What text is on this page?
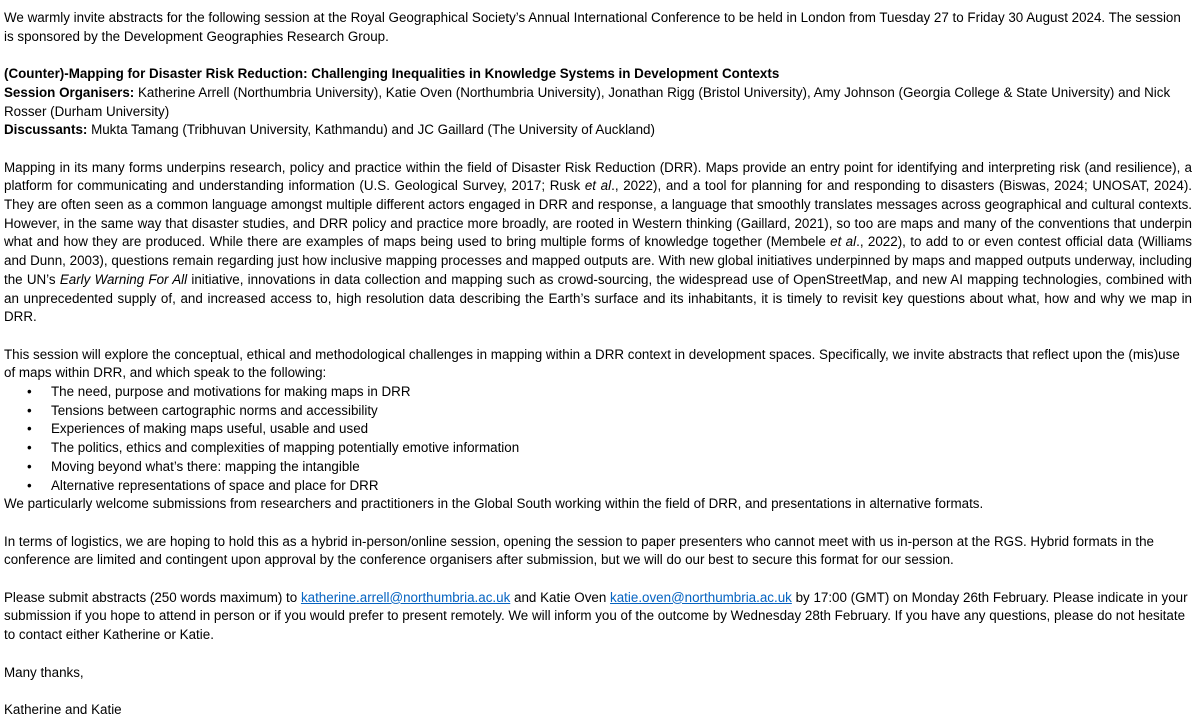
We warmly invite abstracts for the following session at the Royal Geographical Society’s Annual International Conference to be held in London from Tuesday 27 to Friday 30 August 2024. The session is sponsored by the Development Geographies Research Group.

(Counter)-Mapping for Disaster Risk Reduction: Challenging Inequalities in Knowledge Systems in Development Contexts

Session Organisers: Katherine Arrell (Northumbria University), Katie Oven (Northumbria University), Jonathan Rigg (Bristol University), Amy Johnson (Georgia College & State University) and Nick Rosser (Durham University)

Discussants: Mukta Tamang (Tribhuvan University, Kathmandu) and JC Gaillard (The University of Auckland)

Mapping in its many forms underpins research, policy and practice within the field of Disaster Risk Reduction (DRR). Maps provide an entry point for identifying and interpreting risk (and resilience), a platform for communicating and understanding information (U.S. Geological Survey, 2017; Rusk et al., 2022), and a tool for planning for and responding to disasters (Biswas, 2024; UNOSAT, 2024). They are often seen as a common language amongst multiple different actors engaged in DRR and response, a language that smoothly translates messages across geographical and cultural contexts. However, in the same way that disaster studies, and DRR policy and practice more broadly, are rooted in Western thinking (Gaillard, 2021), so too are maps and many of the conventions that underpin what and how they are produced. While there are examples of maps being used to bring multiple forms of knowledge together (Membele et al., 2022), to add to or even contest official data (Williams and Dunn, 2003), questions remain regarding just how inclusive mapping processes and mapped outputs are. With new global initiatives underpinned by maps and mapped outputs underway, including the UN’s Early Warning For All initiative, innovations in data collection and mapping such as crowd-sourcing, the widespread use of OpenStreetMap, and new AI mapping technologies, combined with an unprecedented supply of, and increased access to, high resolution data describing the Earth’s surface and its inhabitants, it is timely to revisit key questions about what, how and why we map in DRR.

This session will explore the conceptual, ethical and methodological challenges in mapping within a DRR context in development spaces. Specifically, we invite abstracts that reflect upon the (mis)use of maps within DRR, and which speak to the following:

• The need, purpose and motivations for making maps in DRR
• Tensions between cartographic norms and accessibility
• Experiences of making maps useful, usable and used
• The politics, ethics and complexities of mapping potentially emotive information
• Moving beyond what’s there: mapping the intangible
• Alternative representations of space and place for DRR

We particularly welcome submissions from researchers and practitioners in the Global South working within the field of DRR, and presentations in alternative formats.

In terms of logistics, we are hoping to hold this as a hybrid in-person/online session, opening the session to paper presenters who cannot meet with us in-person at the RGS. Hybrid formats in the conference are limited and contingent upon approval by the conference organisers after submission, but we will do our best to secure this format for our session.

Please submit abstracts (250 words maximum) to katherine.arrell@northumbria.ac.uk and Katie Oven katie.oven@northumbria.ac.uk by 17:00 (GMT) on Monday 26th February. Please indicate in your submission if you hope to attend in person or if you would prefer to present remotely. We will inform you of the outcome by Wednesday 28th February. If you have any questions, please do not hesitate to contact either Katherine or Katie.

Many thanks,

Katherine and Katie
